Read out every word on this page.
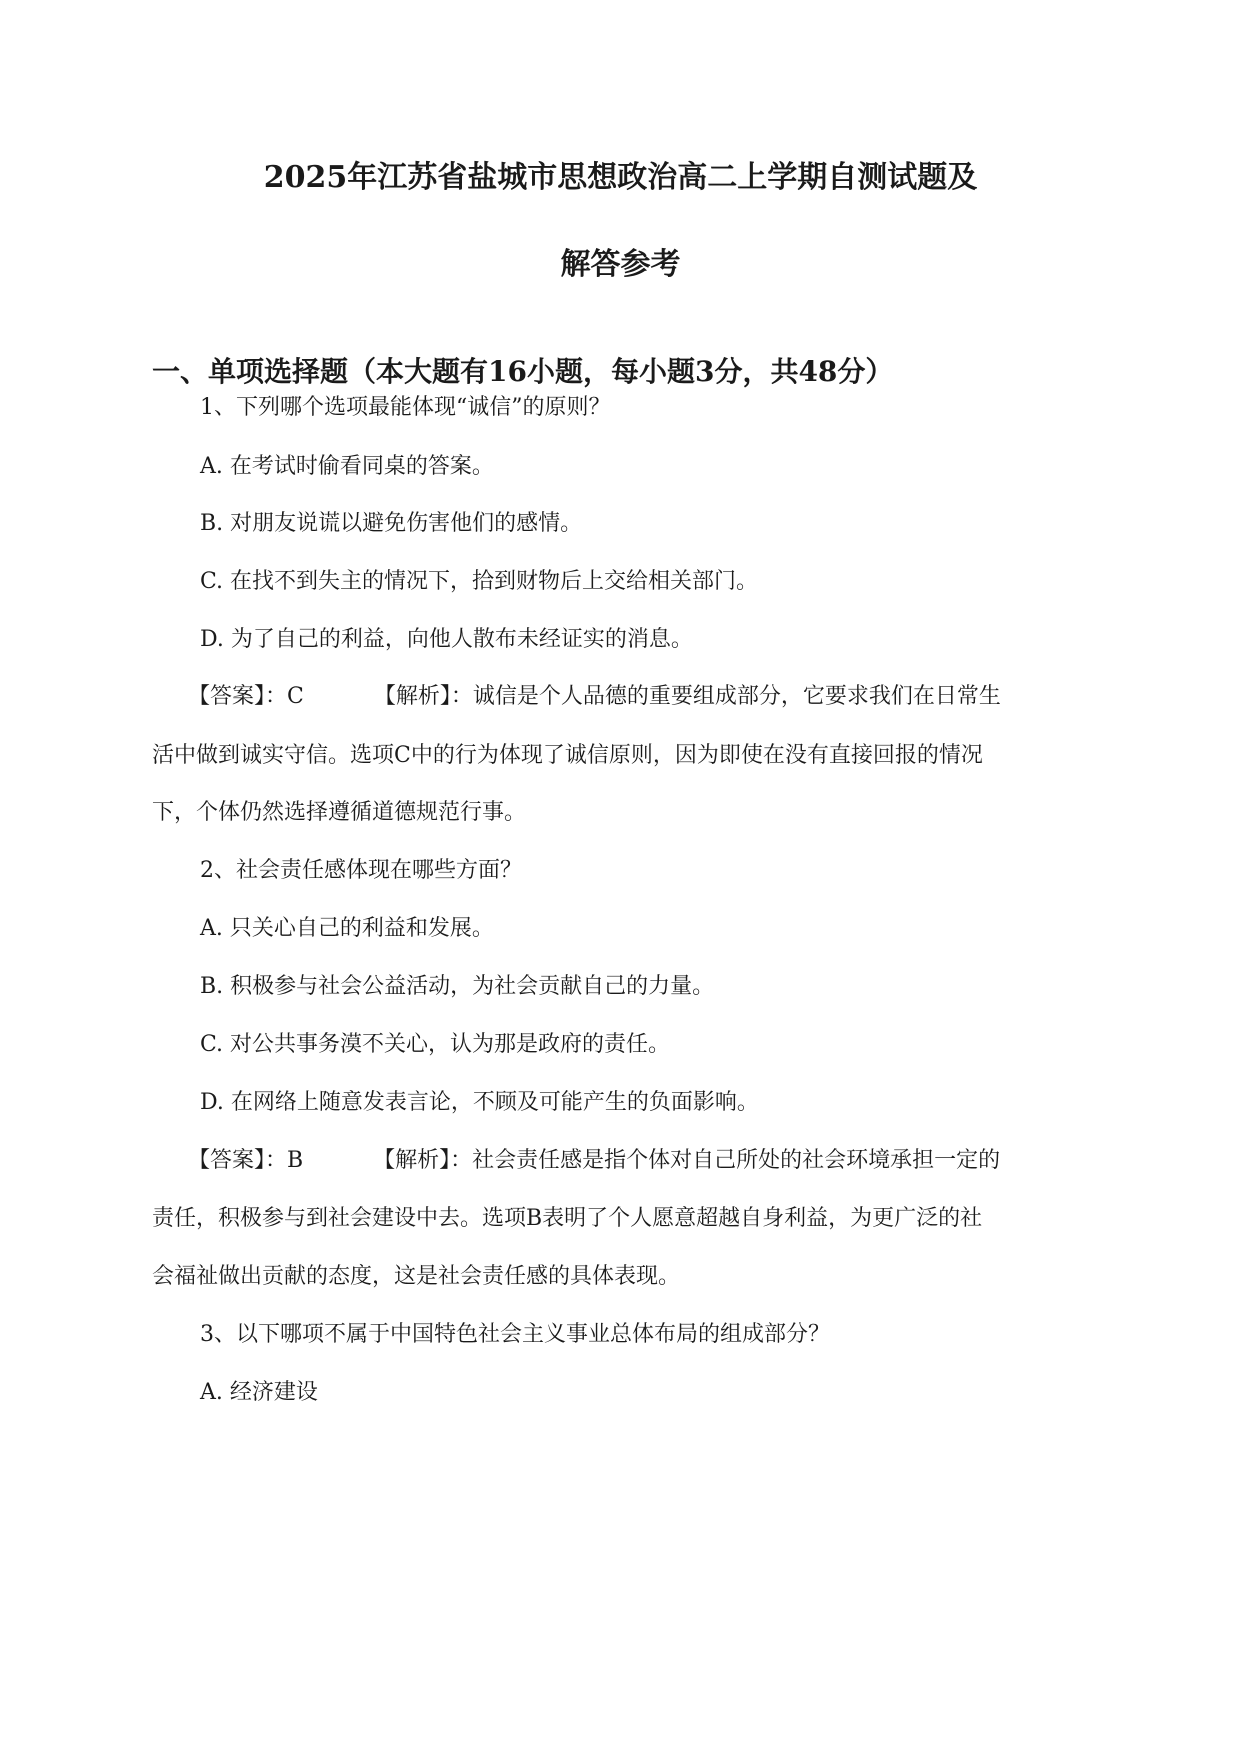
2025年江苏省盐城市思想政治高二上学期自测试题及
解答参考
一、单项选择题（本大题有16小题，每小题3分，共48分）
1、下列哪个选项最能体现“诚信”的原则？
A. 在考试时偷看同桌的答案。
B. 对朋友说谎以避免伤害他们的感情。
C. 在找不到失主的情况下，拾到财物后上交给相关部门。
D. 为了自己的利益，向他人散布未经证实的消息。
【答案】：C	【解析】：诚信是个人品德的重要组成部分，它要求我们在日常生
活中做到诚实守信。选项C中的行为体现了诚信原则，因为即使在没有直接回报的情况
下，个体仍然选择遵循道德规范行事。
2、社会责任感体现在哪些方面？
A. 只关心自己的利益和发展。
B. 积极参与社会公益活动，为社会贡献自己的力量。
C. 对公共事务漠不关心，认为那是政府的责任。
D. 在网络上随意发表言论，不顾及可能产生的负面影响。
【答案】：B	【解析】：社会责任感是指个体对自己所处的社会环境承担一定的
责任，积极参与到社会建设中去。选项B表明了个人愿意超越自身利益，为更广泛的社
会福祉做出贡献的态度，这是社会责任感的具体表现。
3、以下哪项不属于中国特色社会主义事业总体布局的组成部分？
A. 经济建设
